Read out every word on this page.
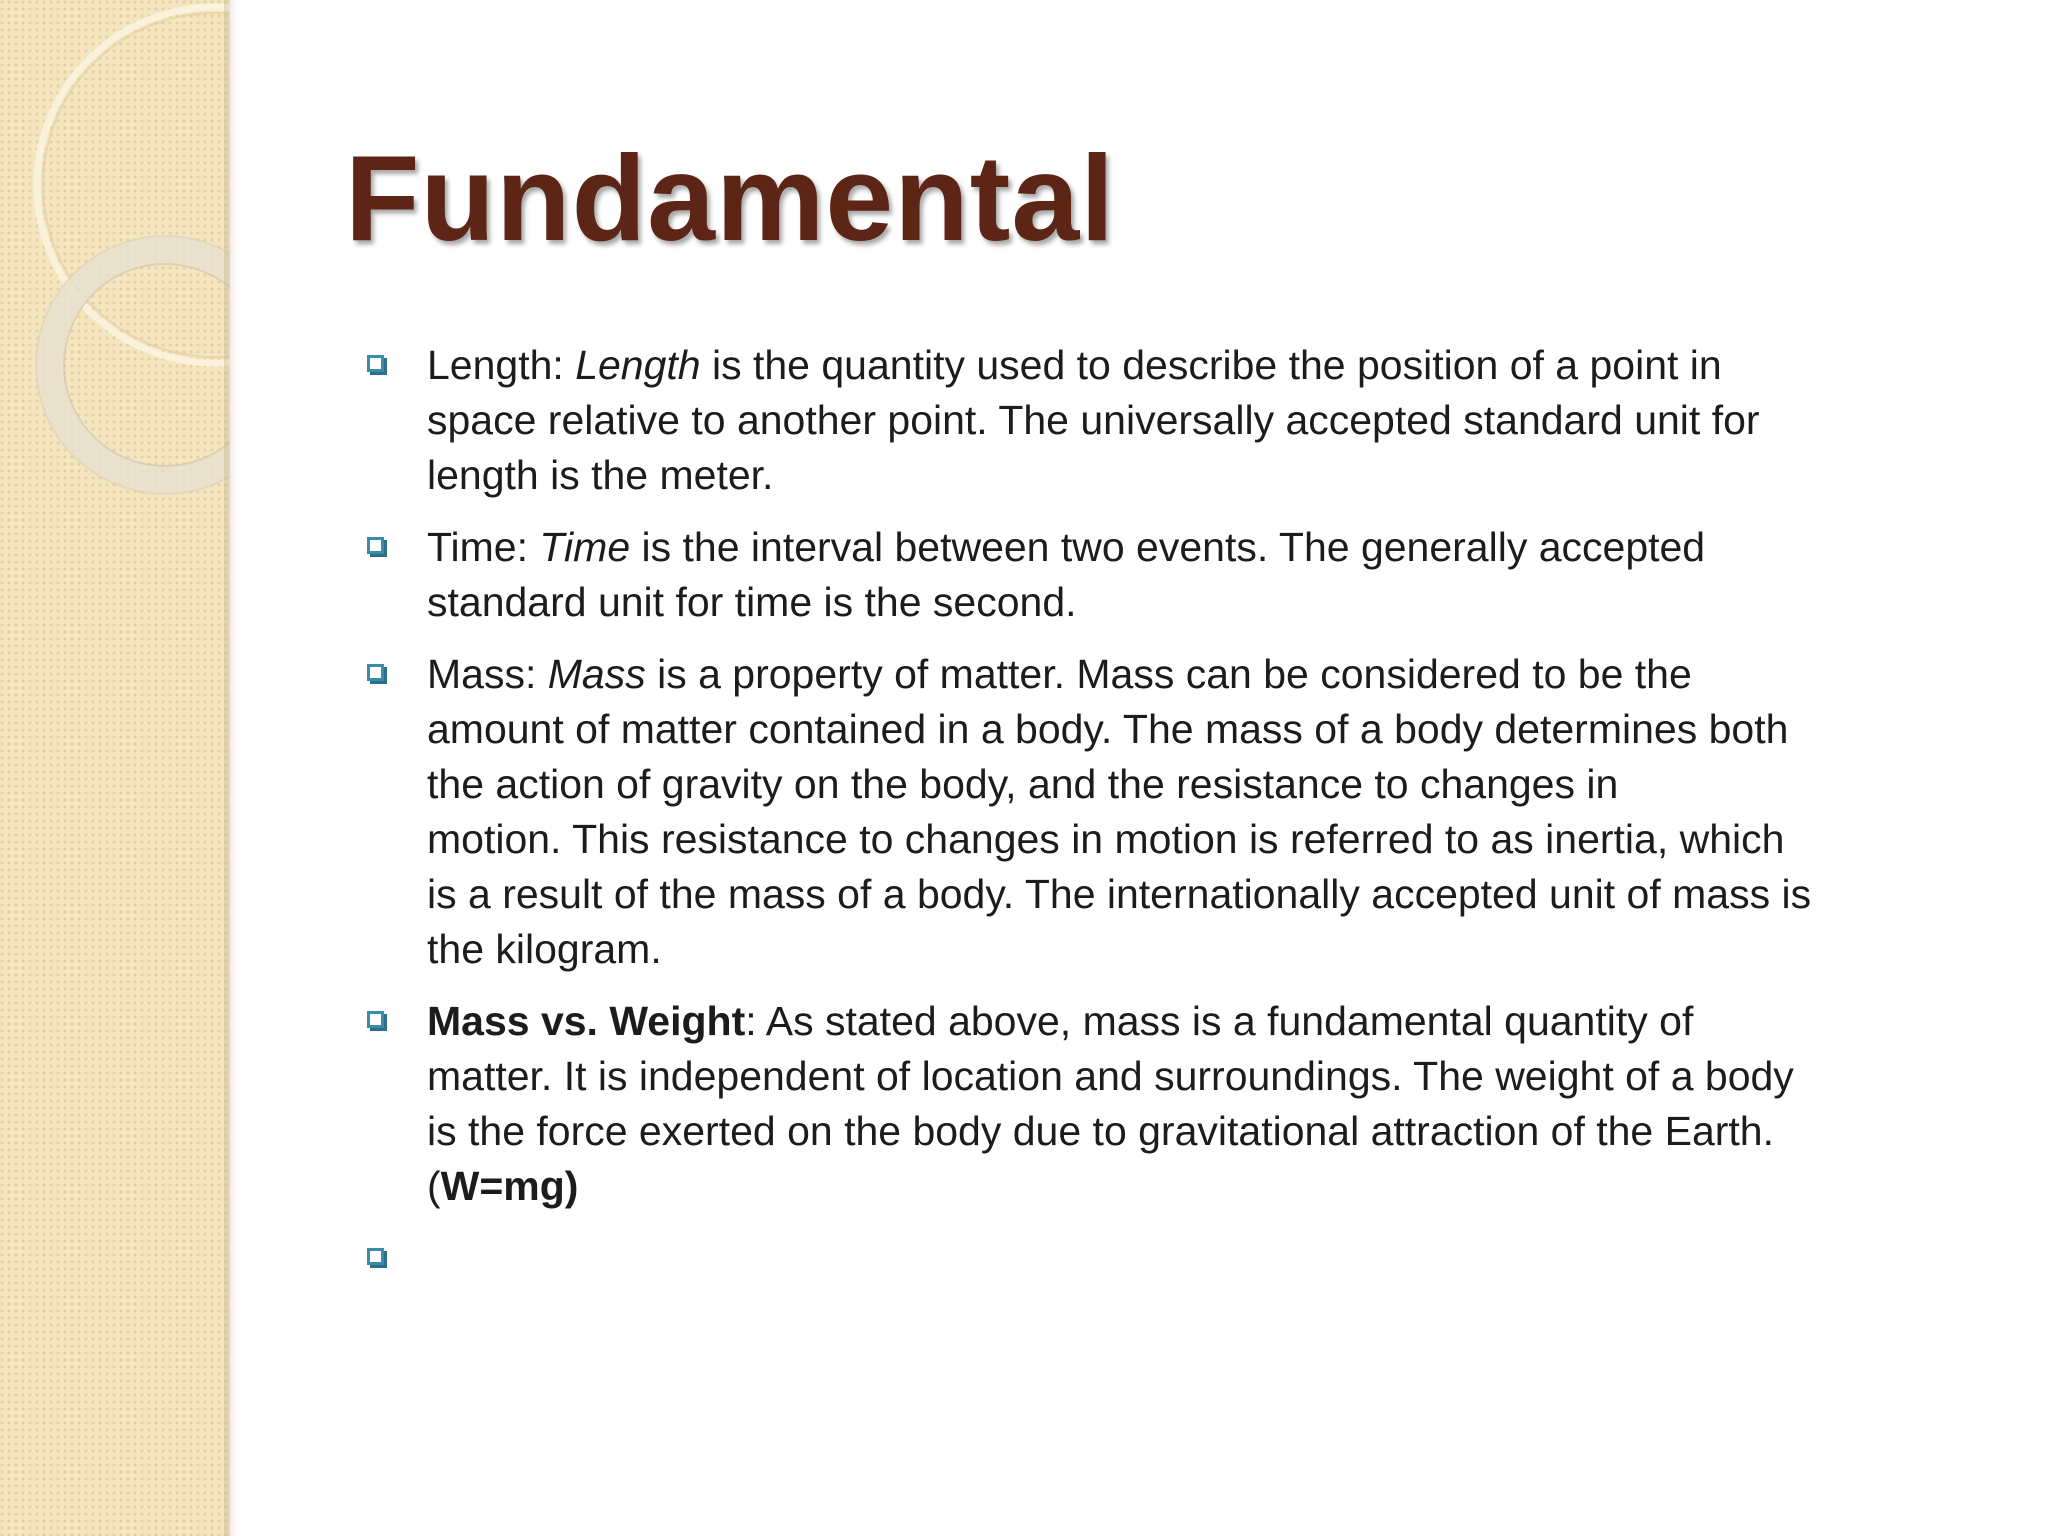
Fundamental
Length: Length is the quantity used to describe the position of a point in
space relative to another point. The universally accepted standard unit for
length is the meter.
Time: Time is the interval between two events. The generally accepted
standard unit for time is the second.
Mass: Mass is a property of matter. Mass can be considered to be the
amount of matter contained in a body. The mass of a body determines both
the action of gravity on the body, and the resistance to changes in
motion. This resistance to changes in motion is referred to as inertia, which
is a result of the mass of a body. The internationally accepted unit of mass is
the kilogram.
Mass vs. Weight: As stated above, mass is a fundamental quantity of
matter. It is independent of location and surroundings. The weight of a body
is the force exerted on the body due to gravitational attraction of the Earth.
(W=mg)
